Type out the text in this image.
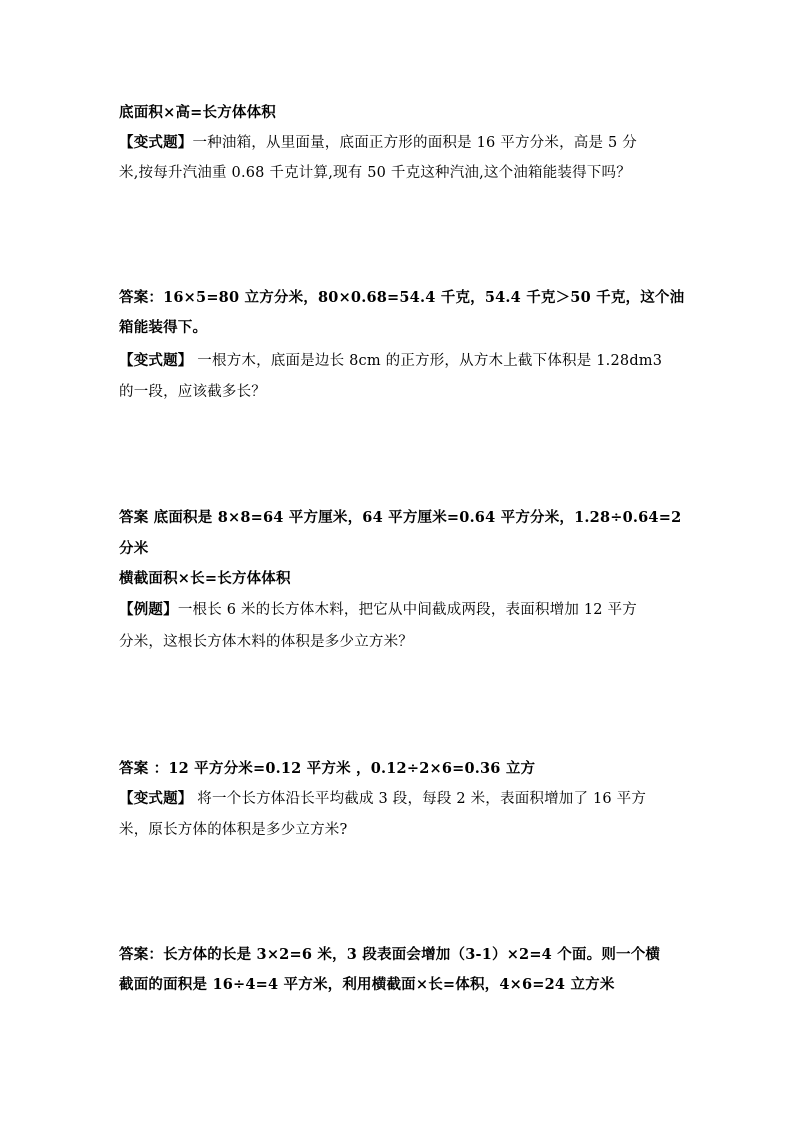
底面积×高=长方体体积
【变式题】一种油箱，从里面量，底面正方形的面积是 16 平方分米，高是 5 分
米,按每升汽油重 0.68 千克计算,现有 50 千克这种汽油,这个油箱能装得下吗？
答案：16×5=80 立方分米，80×0.68=54.4 千克，54.4 千克＞50 千克，这个油
箱能装得下。
【变式题】 一根方木，底面是边长 8cm 的正方形，从方木上截下体积是 1.28dm3
的一段，应该截多长？
答案 底面积是 8×8=64 平方厘米，64 平方厘米=0.64 平方分米，1.28÷0.64=2
分米
横截面积×长=长方体体积
【例题】一根长 6 米的长方体木料，把它从中间截成两段，表面积增加 12 平方
分米，这根长方体木料的体积是多少立方米？
答案 ：12 平方分米=0.12 平方米 ，0.12÷2×6=0.36 立方
【变式题】 将一个长方体沿长平均截成 3 段，每段 2 米，表面积增加了 16 平方
米，原长方体的体积是多少立方米?
答案：长方体的长是 3×2=6 米，3 段表面会增加（3-1）×2=4 个面。则一个横
截面的面积是 16÷4=4 平方米，利用横截面×长=体积，4×6=24 立方米
